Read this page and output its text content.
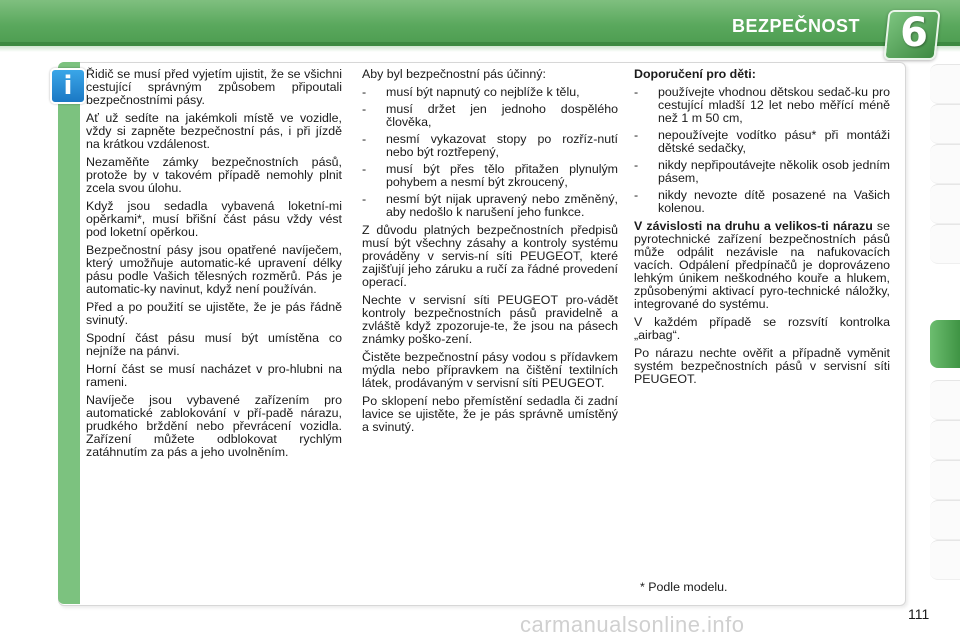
BEZPEČNOST 6
i	Řidič se musí před vyjetím ujistit, že se všichni cestující správným způsobem připoutali bezpečnostními pásy.

Ať už sedíte na jakémkoli místě ve vozidle, vždy si zapněte bezpečnostní pás, i při jízdě na krátkou vzdálenost.

Nezaměňte zámky bezpečnostních pásů, protože by v takovém případě nemohly plnit zcela svou úlohu.

Když jsou sedadla vybavená loketní-mi opěrkami*, musí břišní část pásu vždy vést pod loketní opěrkou.

Bezpečnostní pásy jsou opatřené navíječem, který umožňuje automatic-ké upravení délky pásu podle Vašich tělesných rozměrů. Pás je automatic-ky navinut, když není používán.

Před a po použití se ujistěte, že je pás řádně svinutý.

Spodní část pásu musí být umístěna co nejníže na pánvi.

Horní část se musí nacházet v pro-hlubni na rameni.

Navíječe jsou vybavené zařízením pro automatické zablokování v pří-padě nárazu, prudkého brždění nebo převrácení vozidla. Zařízení můžete odblokovat rychlým zatáhnutím za pás a jeho uvolněním.

Aby byl bezpečnostní pás účinný:

- musí být napnutý co nejblíže k tělu,
- musí držet jen jednoho dospělého člověka,
- nesmí vykazovat stopy po rozříz-nutí nebo být roztřepený,
- musí být přes tělo přitažen plynulým pohybem a nesmí být zkroucený,
- nesmí být nijak upravený nebo změněný, aby nedošlo k narušení jeho funkce.

Z důvodu platných bezpečnostních předpisů musí být všechny zásahy a kontroly systému prováděny v servis-ní síti PEUGEOT, které zajišťují jeho záruku a ručí za řádné provedení operací.

Nechte v servisní síti PEUGEOT pro-vádět kontroly bezpečnostních pásů pravidelně a zvláště když zpozoruje-te, že jsou na pásech známky poško-zení.

Čistěte bezpečnostní pásy vodou s přídavkem mýdla nebo přípravkem na čištění textilních látek, prodávaným v servisní síti PEUGEOT.

Po sklopení nebo přemístění sedadla či zadní lavice se ujistěte, že je pás správně umístěný a svinutý.

Doporučení pro děti:

- používejte vhodnou dětskou sedač-ku pro cestující mladší 12 let nebo měřící méně než 1 m 50 cm,
- nepoužívejte vodítko pásu* při montáži dětské sedačky,
- nikdy nepřipoutávejte několik osob jedním pásem,
- nikdy nevozte dítě posazené na Vašich kolenou.

V závislosti na druhu a velikos-ti nárazu se pyrotechnické zařízení bezpečnostních pásů může odpálit nezávisle na nafukovacích vacích. Odpálení předpínačů je doprovázeno lehkým únikem neškodného kouře a hlukem, způsobenými aktivací pyro-technické náložky, integrované do systému.

V každém případě se rozsvítí kontrolka „airbag“.

Po nárazu nechte ověřit a případně vyměnit systém bezpečnostních pásů v servisní síti PEUGEOT.

* Podle modelu.
111
carmanualsonline.info
